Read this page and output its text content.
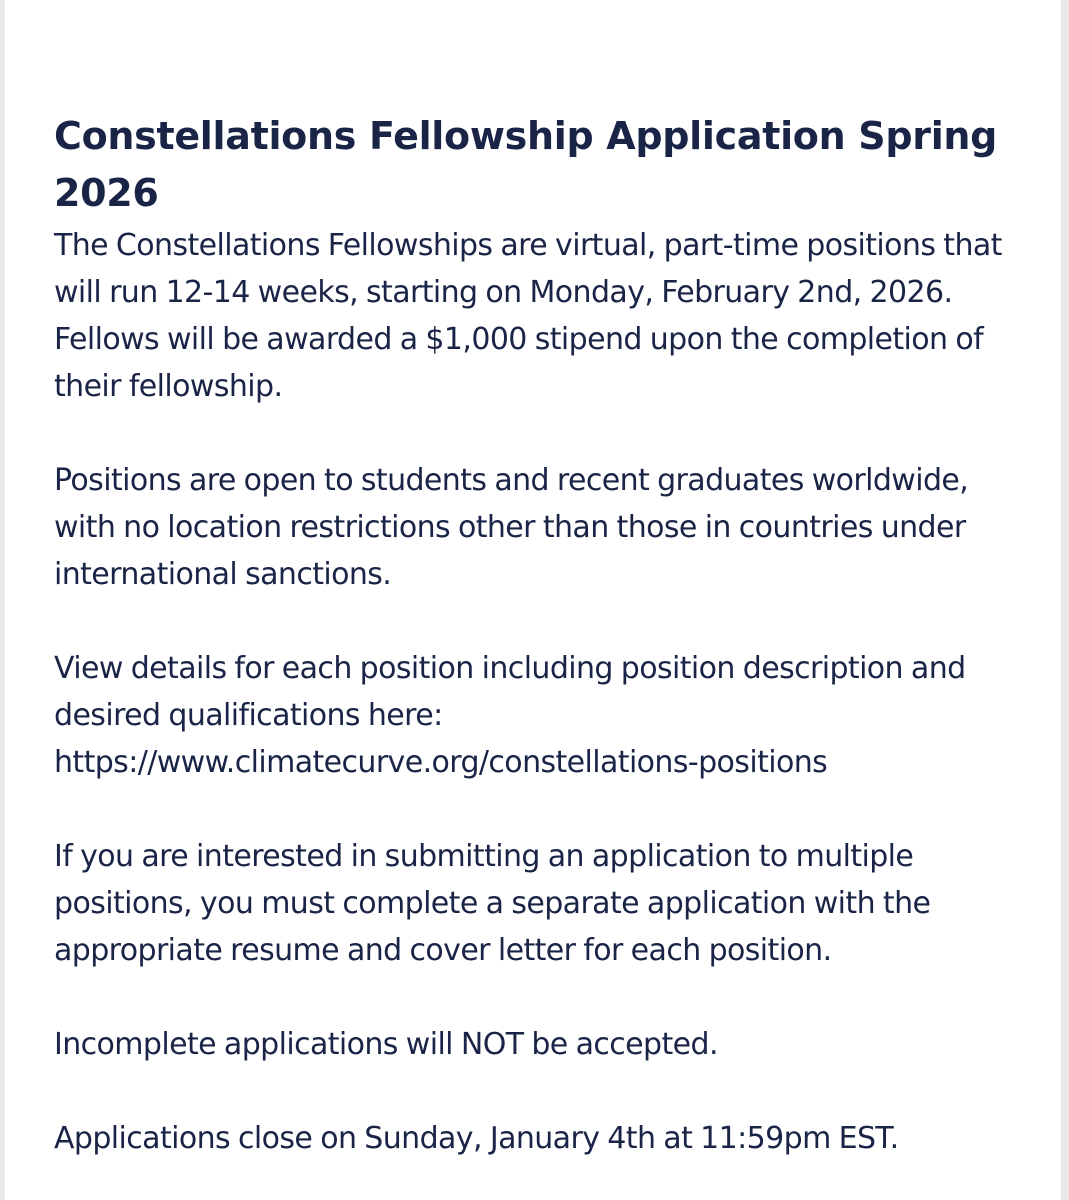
Constellations Fellowship Application Spring 2026

The Constellations Fellowships are virtual, part-time positions that will run 12-14 weeks, starting on Monday, February 2nd, 2026. Fellows will be awarded a $1,000 stipend upon the completion of their fellowship.

Positions are open to students and recent graduates worldwide, with no location restrictions other than those in countries under international sanctions.

View details for each position including position description and desired qualifications here: https://www.climatecurve.org/constellations-positions

If you are interested in submitting an application to multiple positions, you must complete a separate application with the appropriate resume and cover letter for each position.

Incomplete applications will NOT be accepted.

Applications close on Sunday, January 4th at 11:59pm EST.
